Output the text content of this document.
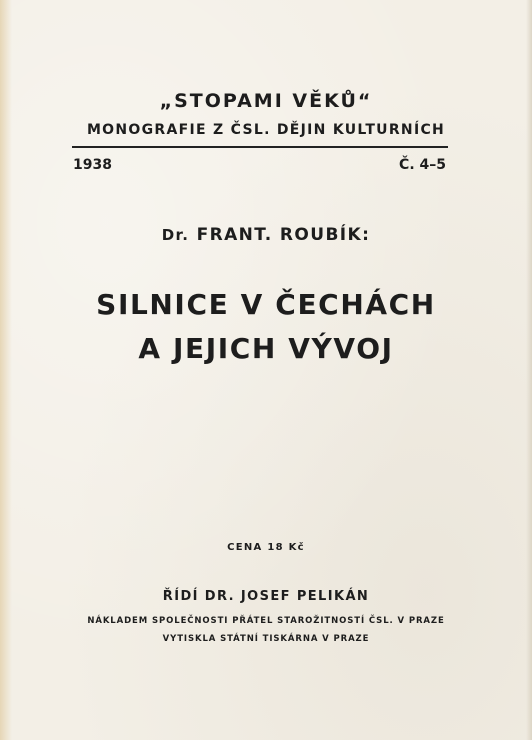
„STOPAMI VĚKŮ“
MONOGRAFIE Z ČSL. DĚJIN KULTURNÍCH
1938	Č. 4–5
Dr. FRANT. ROUBÍK:
SILNICE V ČECHÁCH
A JEJICH VÝVOJ
CENA 18 Kč
ŘÍDÍ DR. JOSEF PELIKÁN
NÁKLADEM SPOLEČNOSTI PŘÁTEL STAROŽITNOSTÍ ČSL. V PRAZE
VYTISKLA STÁTNÍ TISKÁRNA V PRAZE
